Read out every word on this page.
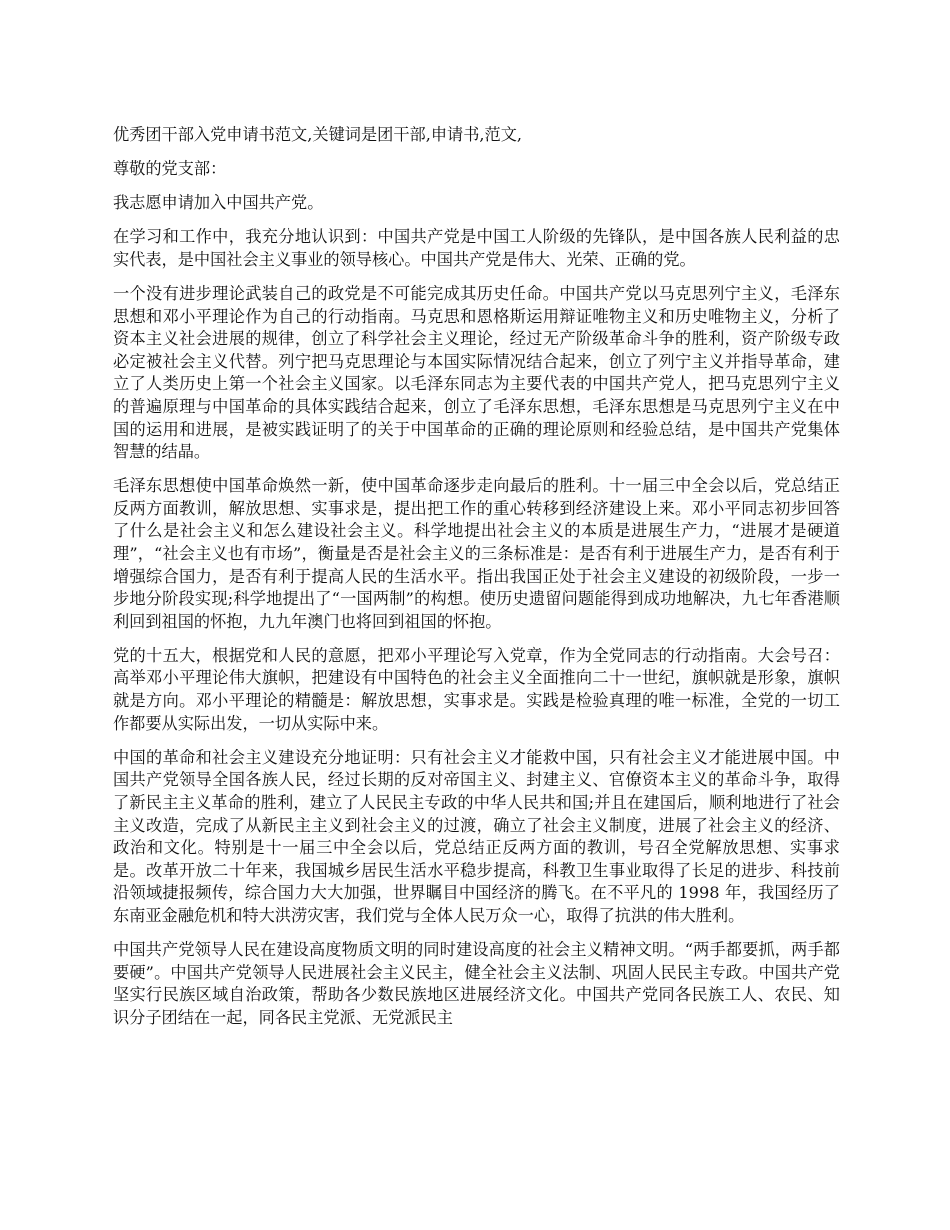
优秀团干部入党申请书范文,关键词是团干部,申请书,范文,

尊敬的党支部：

我志愿申请加入中国共产党。

在学习和工作中，我充分地认识到：中国共产党是中国工人阶级的先锋队，是中国各族人民利益的忠实代表，是中国社会主义事业的领导核心。中国共产党是伟大、光荣、正确的党。

一个没有进步理论武装自己的政党是不可能完成其历史任命。中国共产党以马克思列宁主义，毛泽东思想和邓小平理论作为自己的行动指南。马克思和恩格斯运用辩证唯物主义和历史唯物主义，分析了资本主义社会进展的规律，创立了科学社会主义理论，经过无产阶级革命斗争的胜利，资产阶级专政必定被社会主义代替。列宁把马克思理论与本国实际情况结合起来，创立了列宁主义并指导革命，建立了人类历史上第一个社会主义国家。以毛泽东同志为主要代表的中国共产党人，把马克思列宁主义的普遍原理与中国革命的具体实践结合起来，创立了毛泽东思想，毛泽东思想是马克思列宁主义在中国的运用和进展，是被实践证明了的关于中国革命的正确的理论原则和经验总结，是中国共产党集体智慧的结晶。

毛泽东思想使中国革命焕然一新，使中国革命逐步走向最后的胜利。十一届三中全会以后，党总结正反两方面教训，解放思想、实事求是，提出把工作的重心转移到经济建设上来。邓小平同志初步回答了什么是社会主义和怎么建设社会主义。科学地提出社会主义的本质是进展生产力，“进展才是硬道理”，“社会主义也有市场”，衡量是否是社会主义的三条标准是：是否有利于进展生产力，是否有利于增强综合国力，是否有利于提高人民的生活水平。指出我国正处于社会主义建设的初级阶段，一步一步地分阶段实现;科学地提出了“一国两制”的构想。使历史遗留问题能得到成功地解决，九七年香港顺利回到祖国的怀抱，九九年澳门也将回到祖国的怀抱。

党的十五大，根据党和人民的意愿，把邓小平理论写入党章，作为全党同志的行动指南。大会号召：高举邓小平理论伟大旗帜，把建设有中国特色的社会主义全面推向二十一世纪，旗帜就是形象，旗帜就是方向。邓小平理论的精髓是：解放思想，实事求是。实践是检验真理的唯一标准，全党的一切工作都要从实际出发，一切从实际中来。

中国的革命和社会主义建设充分地证明：只有社会主义才能救中国，只有社会主义才能进展中国。中国共产党领导全国各族人民，经过长期的反对帝国主义、封建主义、官僚资本主义的革命斗争，取得了新民主主义革命的胜利，建立了人民民主专政的中华人民共和国;并且在建国后，顺利地进行了社会主义改造，完成了从新民主主义到社会主义的过渡，确立了社会主义制度，进展了社会主义的经济、政治和文化。特别是十一届三中全会以后，党总结正反两方面的教训，号召全党解放思想、实事求是。改革开放二十年来，我国城乡居民生活水平稳步提高，科教卫生事业取得了长足的进步、科技前沿领域捷报频传，综合国力大大加强，世界瞩目中国经济的腾飞。在不平凡的 1998 年，我国经历了东南亚金融危机和特大洪涝灾害，我们党与全体人民万众一心，取得了抗洪的伟大胜利。

中国共产党领导人民在建设高度物质文明的同时建设高度的社会主义精神文明。“两手都要抓，两手都要硬”。中国共产党领导人民进展社会主义民主，健全社会主义法制、巩固人民民主专政。中国共产党坚实行民族区域自治政策，帮助各少数民族地区进展经济文化。中国共产党同各民族工人、农民、知识分子团结在一起，同各民主党派、无党派民主
